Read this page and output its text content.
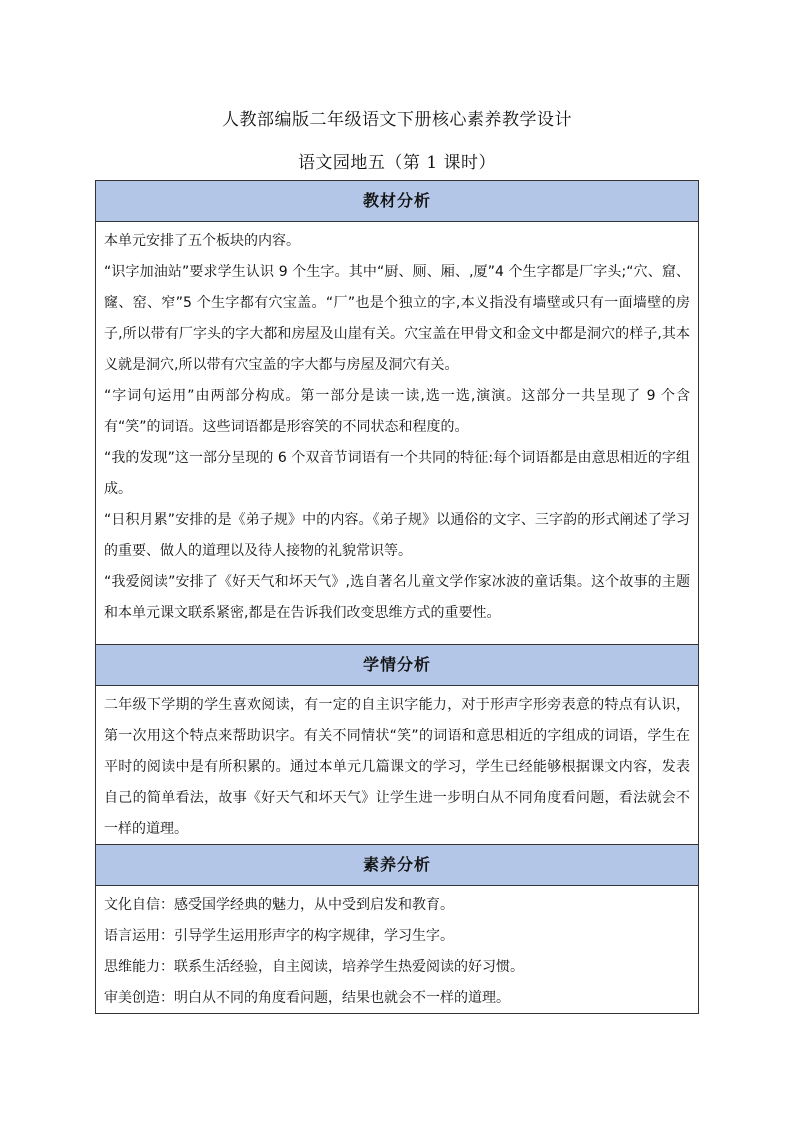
人教部编版二年级语文下册核心素养教学设计
语文园地五（第 1 课时）
教材分析

本单元安排了五个板块的内容。

“识字加油站”要求学生认识 9 个生字。其中“厨、厕、厢、,厦”4 个生字都是厂字头;“穴、窟、窿、窑、窄”5 个生字都有穴宝盖。“厂”也是个独立的字,本义指没有墙壁或只有一面墙壁的房子,所以带有厂字头的字大都和房屋及山崖有关。穴宝盖在甲骨文和金文中都是洞穴的样子,其本义就是洞穴,所以带有穴宝盖的字大都与房屋及洞穴有关。

“字词句运用”由两部分构成。第一部分是读一读,选一选,演演。这部分一共呈现了 9 个含有“笑”的词语。这些词语都是形容笑的不同状态和程度的。

“我的发现”这一部分呈现的 6 个双音节词语有一个共同的特征:每个词语都是由意思相近的字组成。

“日积月累”安排的是《弟子规》中的内容。《弟子规》以通俗的文字、三字韵的形式阐述了学习的重要、做人的道理以及待人接物的礼貌常识等。

“我爱阅读”安排了《好天气和坏天气》,选自著名儿童文学作家冰波的童话集。这个故事的主题和本单元课文联系紧密,都是在告诉我们改变思维方式的重要性。

学情分析

二年级下学期的学生喜欢阅读，有一定的自主识字能力，对于形声字形旁表意的特点有认识，第一次用这个特点来帮助识字。有关不同情状“笑”的词语和意思相近的字组成的词语，学生在平时的阅读中是有所积累的。通过本单元几篇课文的学习，学生已经能够根据课文内容，发表自己的简单看法，故事《好天气和坏天气》让学生进一步明白从不同角度看问题，看法就会不一样的道理。

素养分析

文化自信：感受国学经典的魅力，从中受到启发和教育。

语言运用：引导学生运用形声字的构字规律，学习生字。

思维能力：联系生活经验，自主阅读，培养学生热爱阅读的好习惯。

审美创造：明白从不同的角度看问题，结果也就会不一样的道理。
